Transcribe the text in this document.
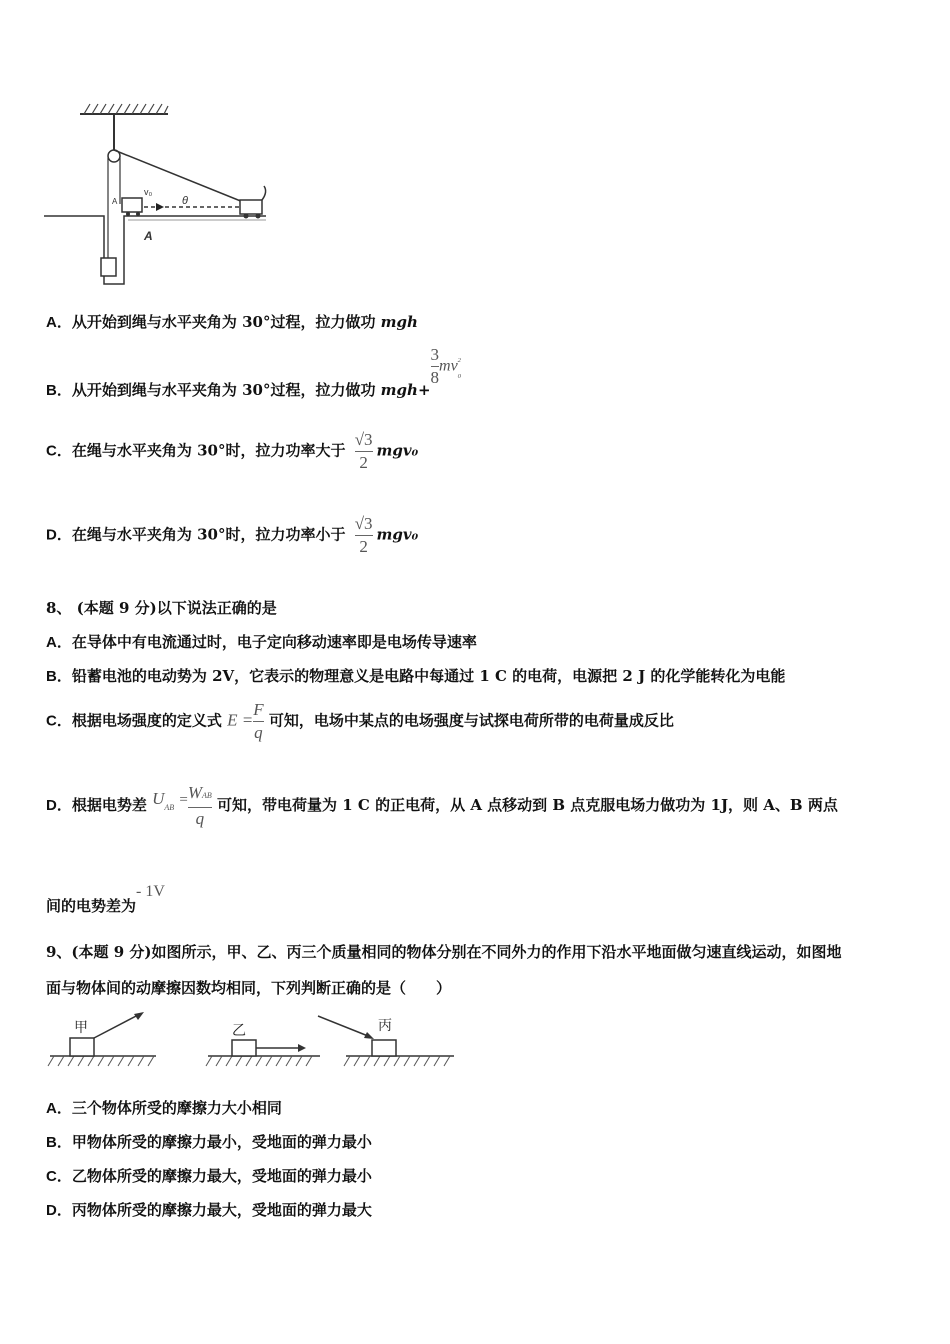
v₀
θ
A
A
A．从开始到绳与水平夹角为 30°过程，拉力做功 mgh
B．从开始到绳与水平夹角为 30°过程，拉力做功 mgh+
$\frac{3}{8}$ mv 2
0
C．在绳与水平夹角为 30°时，拉力功率大于 $\frac{√3}{2} mgv_0$
D．在绳与水平夹角为 30°时，拉力功率小于 $\frac{√3}{2} mgv_0$
8、 (本题 9 分)以下说法正确的是
A．在导体中有电流通过时，电子定向移动速率即是电场传导速率
B．铅蓄电池的电动势为 2V，它表示的物理意义是电路中每通过 1 C 的电荷，电源把 2 J 的化学能转化为电能
C．根据电场强度的定义式 $E = \frac{F}{q}$ 可知，电场中某点的电场强度与试探电荷所带的电荷量成反比
D．根据电势差 UAB = $\frac{\text{WAB}}{q}$ 可知，带电荷量为 1 C 的正电荷，从 A 点移动到 B 点克服电场力做功为 1J，则 A、B 两点
间的电势差为- 1V
9、(本题 9 分)如图所示，甲、乙、丙三个质量相同的物体分别在不同外力的作用下沿水平地面做匀速直线运动，如图地
面与物体间的动摩擦因数均相同，下列判断正确的是（　　）
甲	乙	丙
A．三个物体所受的摩擦力大小相同
B．甲物体所受的摩擦力最小，受地面的弹力最小
C．乙物体所受的摩擦力最大，受地面的弹力最小
D．丙物体所受的摩擦力最大，受地面的弹力最大
